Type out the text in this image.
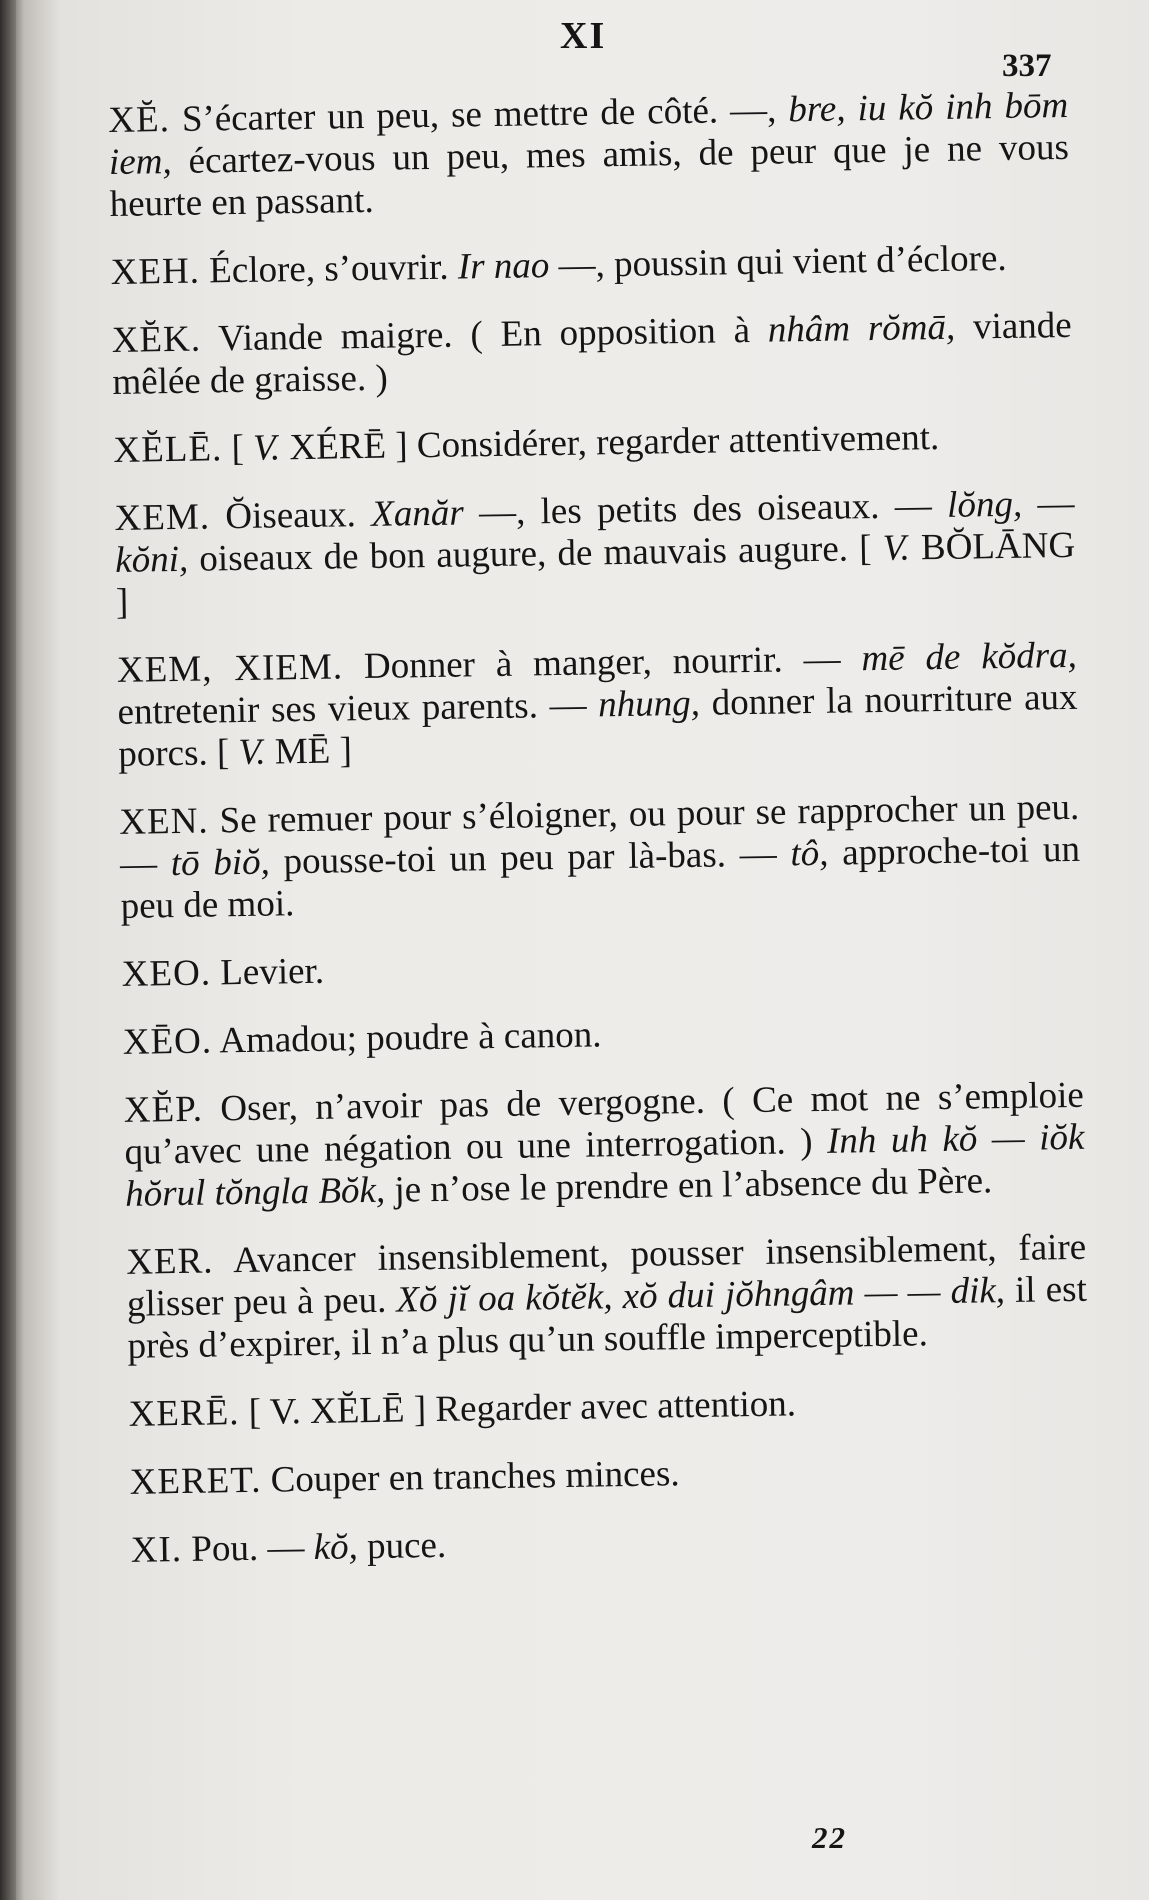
XI
337

XĔ. S’écarter un peu, se mettre de côté. —, bre, iu kŏ inh bōm iem, écartez-vous un peu, mes amis, de peur que je ne vous heurte en passant.

XEH. Éclore, s’ouvrir. Ir nao —, poussin qui vient d’éclore.

XĔK. Viande maigre. ( En opposition à nhâm rŏmā, viande mêlée de graisse. )

XĔLĒ. [ V. XÉRĒ ] Considérer, regarder attentivement.

XEM. Ŏiseaux. Xanăr —, les petits des oiseaux. — lŏng, — kŏni, oiseaux de bon augure, de mauvais augure. [ V. BŎLĀNG ]

XEM, XIEM. Donner à manger, nourrir. — mē de kŏdra, entretenir ses vieux parents. — nhung, donner la nourriture aux porcs. [ V. MĒ ]

XEN. Se remuer pour s’éloigner, ou pour se rapprocher un peu. — tō biŏ, pousse-toi un peu par là-bas. — tô, approche-toi un peu de moi.

XEO. Levier.

XĒO. Amadou; poudre à canon.

XĔP. Oser, n’avoir pas de vergogne. ( Ce mot ne s’emploie qu’avec une négation ou une interrogation. ) Inh uh kŏ — iŏk hŏrul tŏngla Bŏk, je n’ose le prendre en l’absence du Père.

XER. Avancer insensiblement, pousser insensiblement, faire glisser peu à peu. Xŏ jĭ oa kŏtĕk, xŏ dui jŏhngâm — — dik, il est près d’expirer, il n’a plus qu’un souffle imperceptible.

XERĒ. [ V. XĔLĒ ] Regarder avec attention.

XERET. Couper en tranches minces.

XI. Pou. — kŏ, puce.

22
